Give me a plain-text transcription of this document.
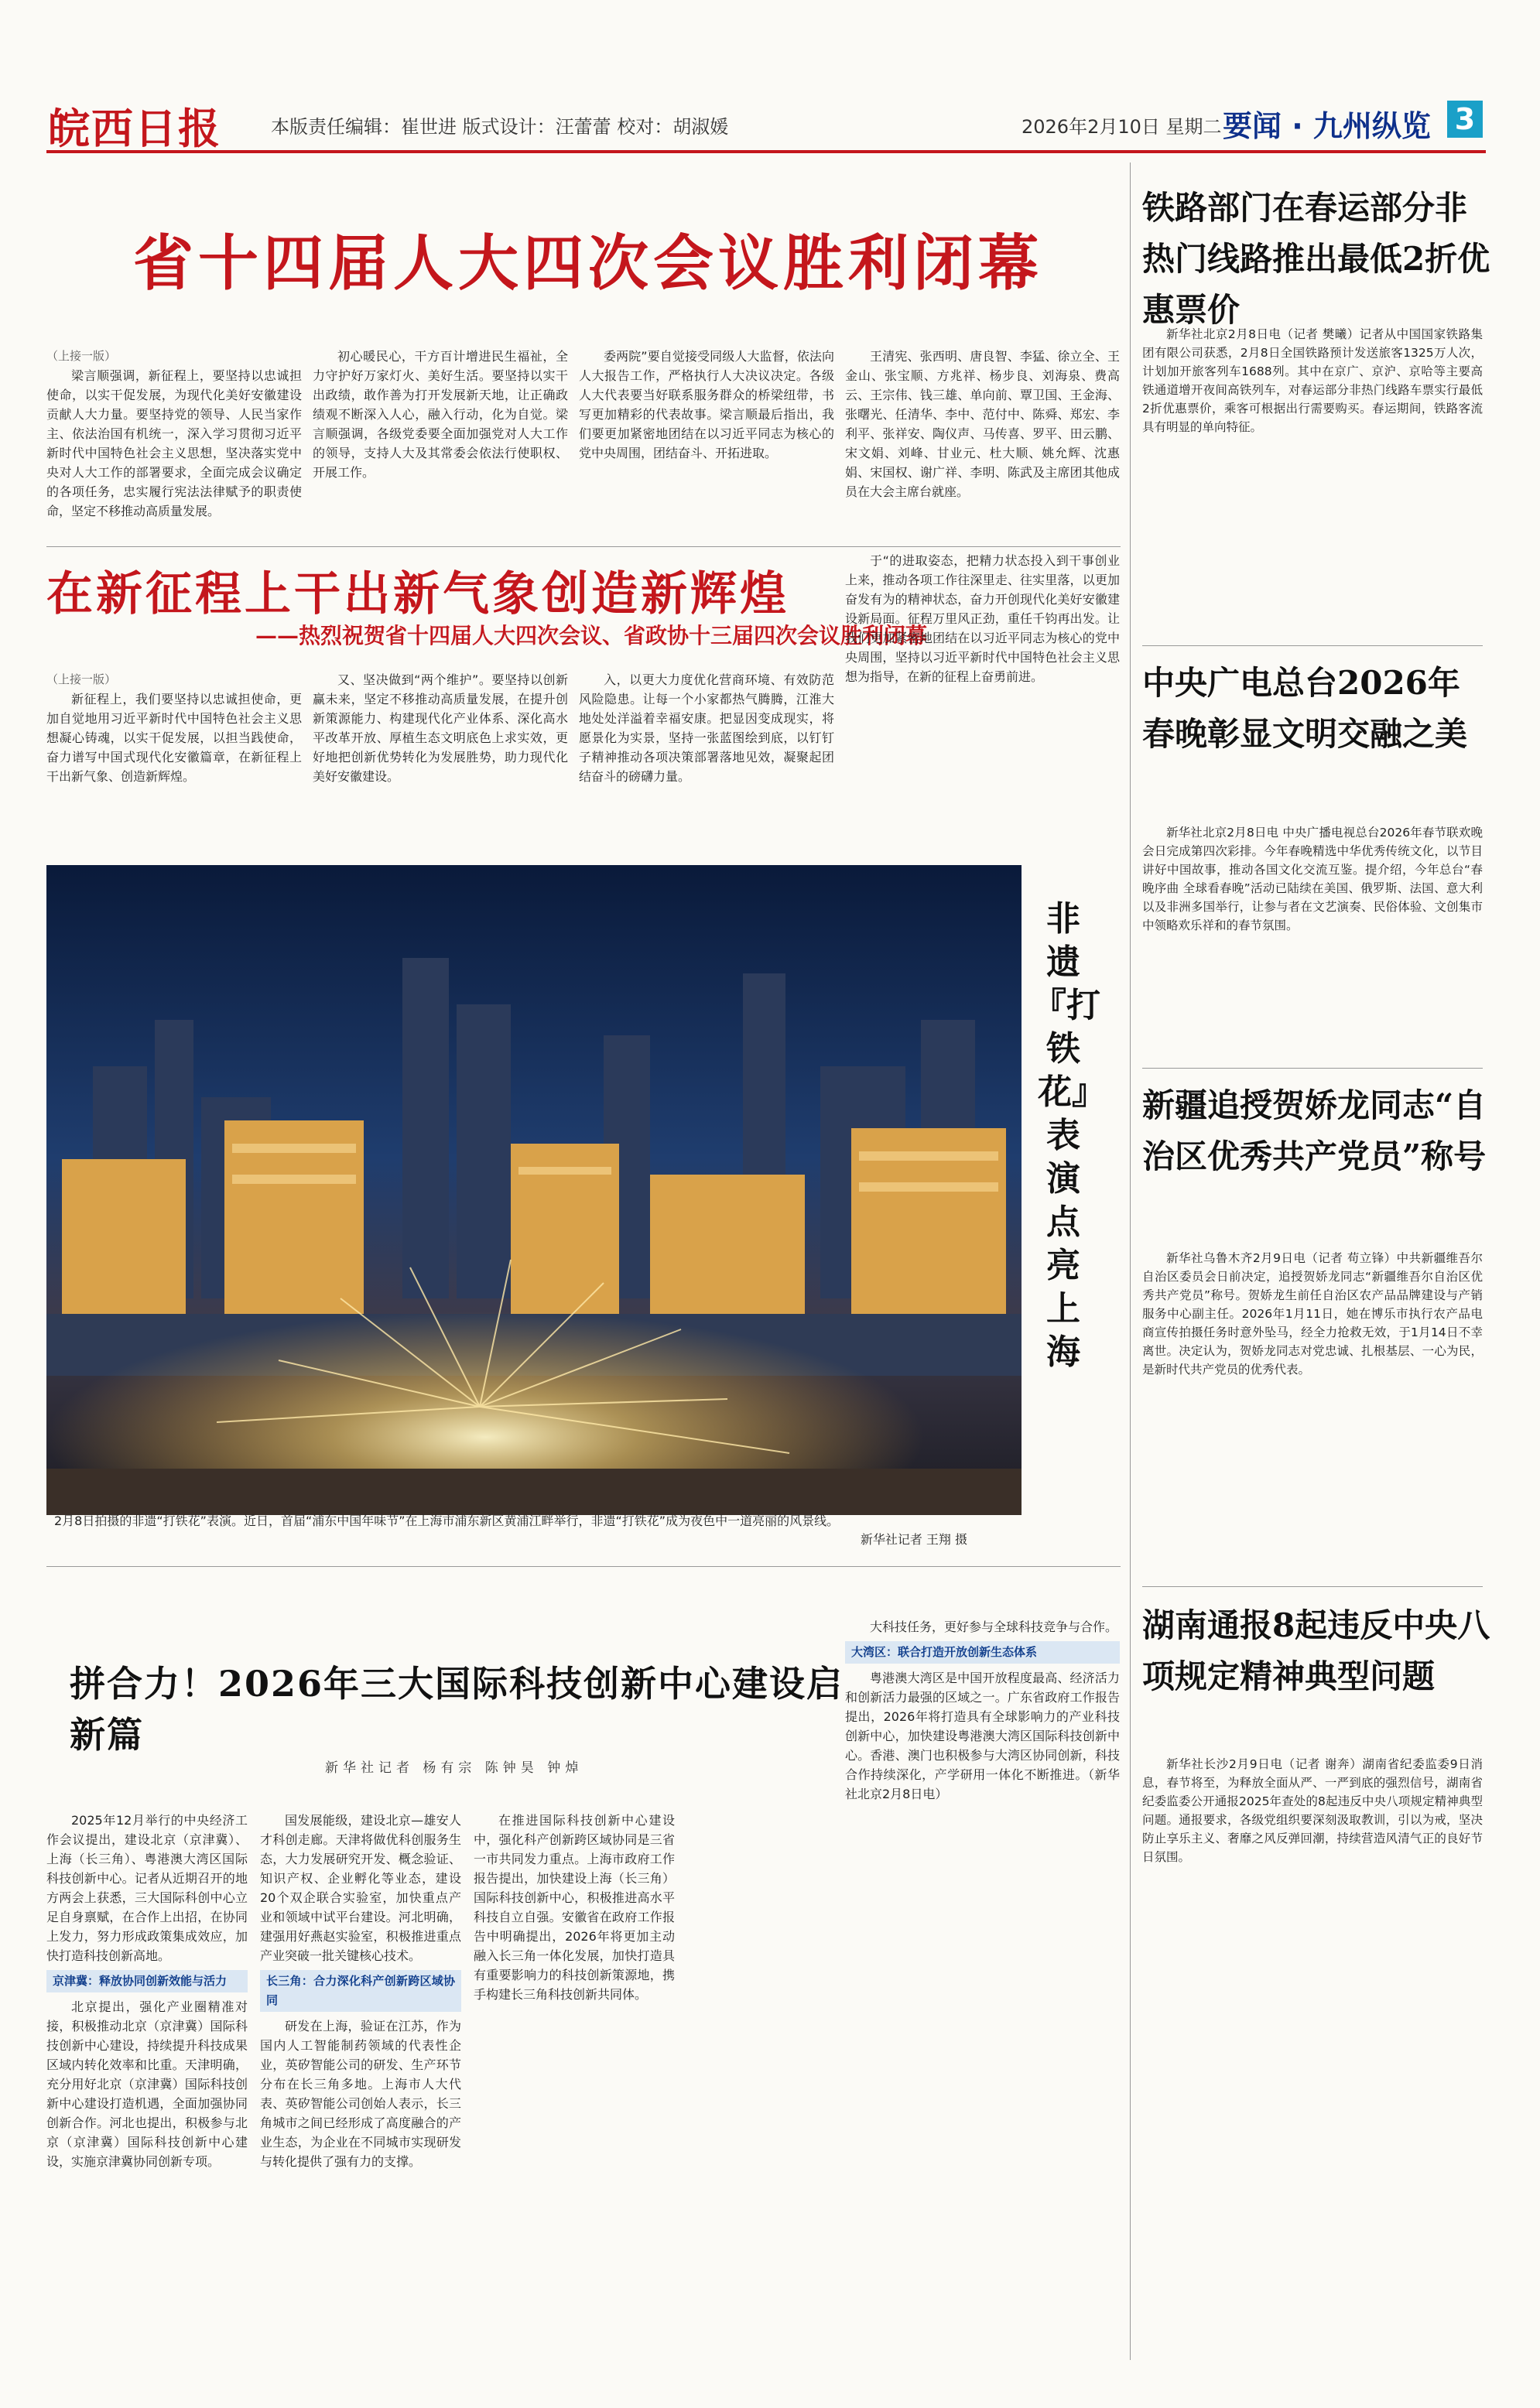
皖西日报	本版责任编辑：崔世进 版式设计：汪蕾蕾 校对：胡淑媛	2026年2月10日 星期二 要闻 · 九州纵览 3
省十四届人大四次会议胜利闭幕
（上接一版）

梁言顺强调，新征程上，要坚持以忠诚担使命，以实干促发展，为现代化美好安徽建设贡献人大力量。要坚持党的领导、人民当家作主、依法治国有机统一，深入学习贯彻习近平新时代中国特色社会主义思想，坚决落实党中央对人大工作的部署要求，全面完成会议确定的各项任务，忠实履行宪法法律赋予的职责使命，坚定不移推动高质量发展。

初心暖民心，干方百计增进民生福祉，全力守护好万家灯火、美好生活。要坚持以实干出政绩，敢作善为打开发展新天地，让正确政绩观不断深入人心，融入行动，化为自觉。梁言顺强调，各级党委要全面加强党对人大工作的领导，支持人大及其常委会依法行使职权、开展工作。

委两院”要自觉接受同级人大监督，依法向人大报告工作，严格执行人大决议决定。各级人大代表要当好联系服务群众的桥梁纽带，书写更加精彩的代表故事。梁言顺最后指出，我们要更加紧密地团结在以习近平同志为核心的党中央周围，团结奋斗、开拓进取。

王清宪、张西明、唐良智、李猛、徐立全、王金山、张宝顺、方兆祥、杨步良、刘海泉、费高云、王宗伟、钱三雄、单向前、覃卫国、王金海、张曙光、任清华、李中、范付中、陈舜、郑宏、李利平、张祥安、陶仪声、马传喜、罗平、田云鹏、宋文娟、刘峰、甘业元、杜大顺、姚允辉、沈惠娟、宋国权、谢广祥、李明、陈武及主席团其他成员在大会主席台就座。

在新征程上干出新气象创造新辉煌
——热烈祝贺省十四届人大四次会议、省政协十三届四次会议胜利闭幕
（上接一版）

新征程上，我们要坚持以忠诚担使命，更加自觉地用习近平新时代中国特色社会主义思想凝心铸魂，以实干促发展，以担当践使命，奋力谱写中国式现代化安徽篇章，在新征程上干出新气象、创造新辉煌。

又、坚决做到“两个维护”。要坚持以创新赢未来，坚定不移推动高质量发展，在提升创新策源能力、构建现代化产业体系、深化高水平改革开放、厚植生态文明底色上求实效，更好地把创新优势转化为发展胜势，助力现代化美好安徽建设。

入，以更大力度优化营商环境、有效防范风险隐患。让每一个小家都热气腾腾，江淮大地处处洋溢着幸福安康。把显因变成现实，将愿景化为实景，坚持一张蓝图绘到底，以钉钉子精神推动各项决策部署落地见效，凝聚起团结奋斗的磅礴力量。

于“的进取姿态，把精力状态投入到干事创业上来，推动各项工作往深里走、往实里落，以更加奋发有为的精神状态，奋力开创现代化美好安徽建设新局面。征程万里风正劲，重任千钧再出发。让我们更加紧密地团结在以习近平同志为核心的党中央周围，坚持以习近平新时代中国特色社会主义思想为指导，在新的征程上奋勇前进。

2月8日拍摄的非遗“打铁花”表演。近日，首届“浦东中国年味节”在上海市浦东新区黄浦江畔举行，非遗“打铁花”成为夜色中一道亮丽的风景线。
新华社记者 王翔 摄
非遗『打铁花』表演点亮上海
拼合力！2026年三大国际科技创新中心建设启新篇
新华社记者 杨有宗 陈钟昊 钟焯

2025年12月举行的中央经济工作会议提出，建设北京（京津冀）、上海（长三角）、粤港澳大湾区国际科技创新中心。记者从近期召开的地方两会上获悉，三大国际科创中心立足自身禀赋，在合作上出招，在协同上发力，努力形成政策集成效应，加快打造科技创新高地。

京津冀：释放协同创新效能与活力

北京提出，强化产业圈精准对接，积极推动北京（京津冀）国际科技创新中心建设，持续提升科技成果区域内转化效率和比重。天津明确，充分用好北京（京津冀）国际科技创新中心建设打造机遇，全面加强协同创新合作。河北也提出，积极参与北京（京津冀）国际科技创新中心建设，实施京津冀协同创新专项。

国发展能级，建设北京—雄安人才科创走廊。天津将做优科创服务生态，大力发展研究开发、概念验证、知识产权、企业孵化等业态，建设20个双企联合实验室，加快重点产业和领域中试平台建设。河北明确，建强用好燕赵实验室，积极推进重点产业突破一批关键核心技术。

长三角：合力深化科产创新跨区域协同

研发在上海，验证在江苏，作为国内人工智能制药领域的代表性企业，英矽智能公司的研发、生产环节分布在长三角多地。上海市人大代表、英矽智能公司创始人表示，长三角城市之间已经形成了高度融合的产业生态，为企业在不同城市实现研发与转化提供了强有力的支撑。

在推进国际科技创新中心建设中，强化科产创新跨区域协同是三省一市共同发力重点。上海市政府工作报告提出，加快建设上海（长三角）国际科技创新中心，积极推进高水平科技自立自强。安徽省在政府工作报告中明确提出，2026年将更加主动融入长三角一体化发展，加快打造具有重要影响力的科技创新策源地，携手构建长三角科技创新共同体。

大科技任务，更好参与全球科技竞争与合作。

大湾区：联合打造开放创新生态体系

粤港澳大湾区是中国开放程度最高、经济活力和创新活力最强的区域之一。广东省政府工作报告提出，2026年将打造具有全球影响力的产业科技创新中心，加快建设粤港澳大湾区国际科技创新中心。香港、澳门也积极参与大湾区协同创新，科技合作持续深化，产学研用一体化不断推进。（新华社北京2月8日电）

铁路部门在春运部分非热门线路推出最低2折优惠票价

新华社北京2月8日电（记者 樊曦）记者从中国国家铁路集团有限公司获悉，2月8日全国铁路预计发送旅客1325万人次，计划加开旅客列车1688列。其中在京广、京沪、京哈等主要高铁通道增开夜间高铁列车，对春运部分非热门线路车票实行最低2折优惠票价，乘客可根据出行需要购买。春运期间，铁路客流具有明显的单向特征。

中央广电总台2026年春晚彰显文明交融之美

新华社北京2月8日电 中央广播电视总台2026年春节联欢晚会日完成第四次彩排。今年春晚精选中华优秀传统文化，以节目讲好中国故事，推动各国文化交流互鉴。提介绍，今年总台“春晚序曲 全球看春晚”活动已陆续在美国、俄罗斯、法国、意大利以及非洲多国举行，让参与者在文艺演奏、民俗体验、文创集市中领略欢乐祥和的春节氛围。

新疆追授贺娇龙同志“自治区优秀共产党员”称号

新华社乌鲁木齐2月9日电（记者 苟立锋）中共新疆维吾尔自治区委员会日前决定，追授贺娇龙同志“新疆维吾尔自治区优秀共产党员”称号。贺娇龙生前任自治区农产品品牌建设与产销服务中心副主任。2026年1月11日，她在博乐市执行农产品电商宣传拍摄任务时意外坠马，经全力抢救无效，于1月14日不幸离世。决定认为，贺娇龙同志对党忠诚、扎根基层、一心为民，是新时代共产党员的优秀代表。

湖南通报8起违反中央八项规定精神典型问题

新华社长沙2月9日电（记者 谢奔）湖南省纪委监委9日消息，春节将至，为释放全面从严、一严到底的强烈信号，湖南省纪委监委公开通报2025年查处的8起违反中央八项规定精神典型问题。通报要求，各级党组织要深刻汲取教训，引以为戒，坚决防止享乐主义、奢靡之风反弹回潮，持续营造风清气正的良好节日氛围。
